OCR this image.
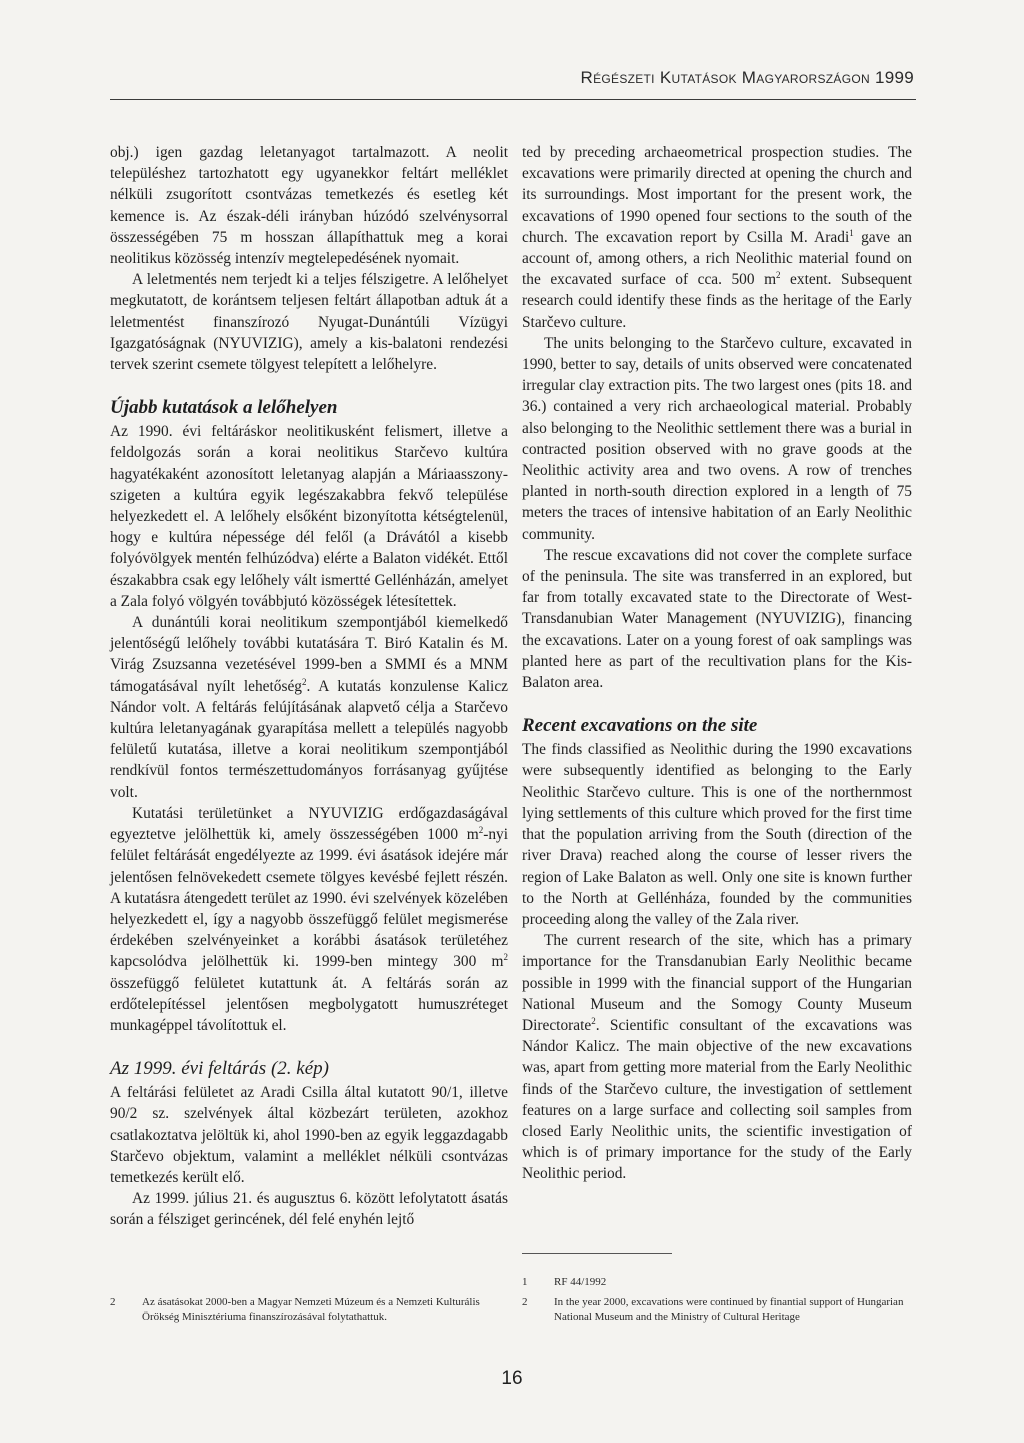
Régészeti Kutatások Magyarországon 1999

obj.) igen gazdag leletanyagot tartalmazott. A neolit településhez tartozhatott egy ugyanekkor feltárt melléklet nélküli zsugorított csontvázas temetkezés és esetleg két kemence is. Az észak-déli irányban húzódó szelvénysorral összességében 75 m hosszan állapíthattuk meg a korai neolitikus közösség intenzív megtelepedésének nyomait.

A leletmentés nem terjedt ki a teljes félszigetre. A lelőhelyet megkutatott, de korántsem teljesen feltárt állapotban adtuk át a leletmentést finanszírozó Nyugat-Dunántúli Vízügyi Igazgatóságnak (NYUVIZIG), amely a kis-balatoni rendezési tervek szerint csemete tölgyest telepített a lelőhelyre.

Újabb kutatások a lelőhelyen

Az 1990. évi feltáráskor neolitikusként felismert, illetve a feldolgozás során a korai neolitikus Starčevo kultúra hagyatékaként azonosított leletanyag alapján a Máriaasszony-szigeten a kultúra egyik legészakabbra fekvő települése helyezkedett el. A lelőhely elsőként bizonyította kétségtelenül, hogy e kultúra népessége dél felől (a Drávától a kisebb folyóvölgyek mentén felhúzódva) elérte a Balaton vidékét. Ettől északabbra csak egy lelőhely vált ismertté Gellénházán, amelyet a Zala folyó völgyén továbbjutó közösségek létesítettek.

A dunántúli korai neolitikum szempontjából kiemelkedő jelentőségű lelőhely további kutatására T. Biró Katalin és M. Virág Zsuzsanna vezetésével 1999-ben a SMMI és a MNM támogatásával nyílt lehetőség$^2$. A kutatás konzulense Kalicz Nándor volt. A feltárás felújításának alapvető célja a Starčevo kultúra leletanyagának gyarapítása mellett a település nagyobb felületű kutatása, illetve a korai neolitikum szempontjából rendkívül fontos természettudományos forrásanyag gyűjtése volt.

Kutatási területünket a NYUVIZIG erdőgazdaságával egyeztetve jelölhettük ki, amely összességében 1000 $m^2$-nyi felület feltárását engedélyezte az 1999. évi ásatások idejére már jelentősen felnövekedett csemete tölgyes kevésbé fejlett részén. A kutatásra átengedett terület az 1990. évi szelvények közelében helyezkedett el, így a nagyobb összefüggő felület megismerése érdekében szelvényeinket a korábbi ásatások területéhez kapcsolódva jelölhettük ki. 1999-ben mintegy 300 $m^2$ összefüggő felületet kutattunk át. A feltárás során az erdőtelepítéssel jelentősen megbolygatott humuszréteget munkagéppel távolítottuk el.

Az 1999. évi feltárás (2. kép)

A feltárási felületet az Aradi Csilla által kutatott 90/1, illetve 90/2 sz. szelvények által közbezárt területen, azokhoz csatlakoztatva jelöltük ki, ahol 1990-ben az egyik leggazdagabb Starčevo objektum, valamint a melléklet nélküli csontvázas temetkezés került elő.

Az 1999. július 21. és augusztus 6. között lefolytatott ásatás során a félsziget gerincének, dél felé enyhén lejtő

ted by preceding archaeometrical prospection studies. The excavations were primarily directed at opening the church and its surroundings. Most important for the present work, the excavations of 1990 opened four sections to the south of the church. The excavation report by Csilla M. Aradi$^1$ gave an account of, among others, a rich Neolithic material found on the excavated surface of cca. 500 $m^2$ extent. Subsequent research could identify these finds as the heritage of the Early Starčevo culture.

The units belonging to the Starčevo culture, excavated in 1990, better to say, details of units observed were concatenated irregular clay extraction pits. The two largest ones (pits 18. and 36.) contained a very rich archaeological material. Probably also belonging to the Neolithic settlement there was a burial in contracted position observed with no grave goods at the Neolithic activity area and two ovens. A row of trenches planted in north-south direction explored in a length of 75 meters the traces of intensive habitation of an Early Neolithic community.

The rescue excavations did not cover the complete surface of the peninsula. The site was transferred in an explored, but far from totally excavated state to the Directorate of West-Transdanubian Water Management (NYUVIZIG), financing the excavations. Later on a young forest of oak samplings was planted here as part of the recultivation plans for the Kis-Balaton area.

Recent excavations on the site

The finds classified as Neolithic during the 1990 excavations were subsequently identified as belonging to the Early Neolithic Starčevo culture. This is one of the northernmost lying settlements of this culture which proved for the first time that the population arriving from the South (direction of the river Drava) reached along the course of lesser rivers the region of Lake Balaton as well. Only one site is known further to the North at Gellénháza, founded by the communities proceeding along the valley of the Zala river.

The current research of the site, which has a primary importance for the Transdanubian Early Neolithic became possible in 1999 with the financial support of the Hungarian National Museum and the Somogy County Museum Directorate$^2$. Scientific consultant of the excavations was Nándor Kalicz. The main objective of the new excavations was, apart from getting more material from the Early Neolithic finds of the Starčevo culture, the investigation of settlement features on a large surface and collecting soil samples from closed Early Neolithic units, the scientific investigation of which is of primary importance for the study of the Early Neolithic period.

2	Az ásatásokat 2000-ben a Magyar Nemzeti Múzeum és a Nemzeti Kulturális Örökség Minisztériuma finanszírozásával folytathattuk.
1	RF 44/1992
2	In the year 2000, excavations were continued by finantial support of Hungarian National Museum and the Ministry of Cultural Heritage
16
